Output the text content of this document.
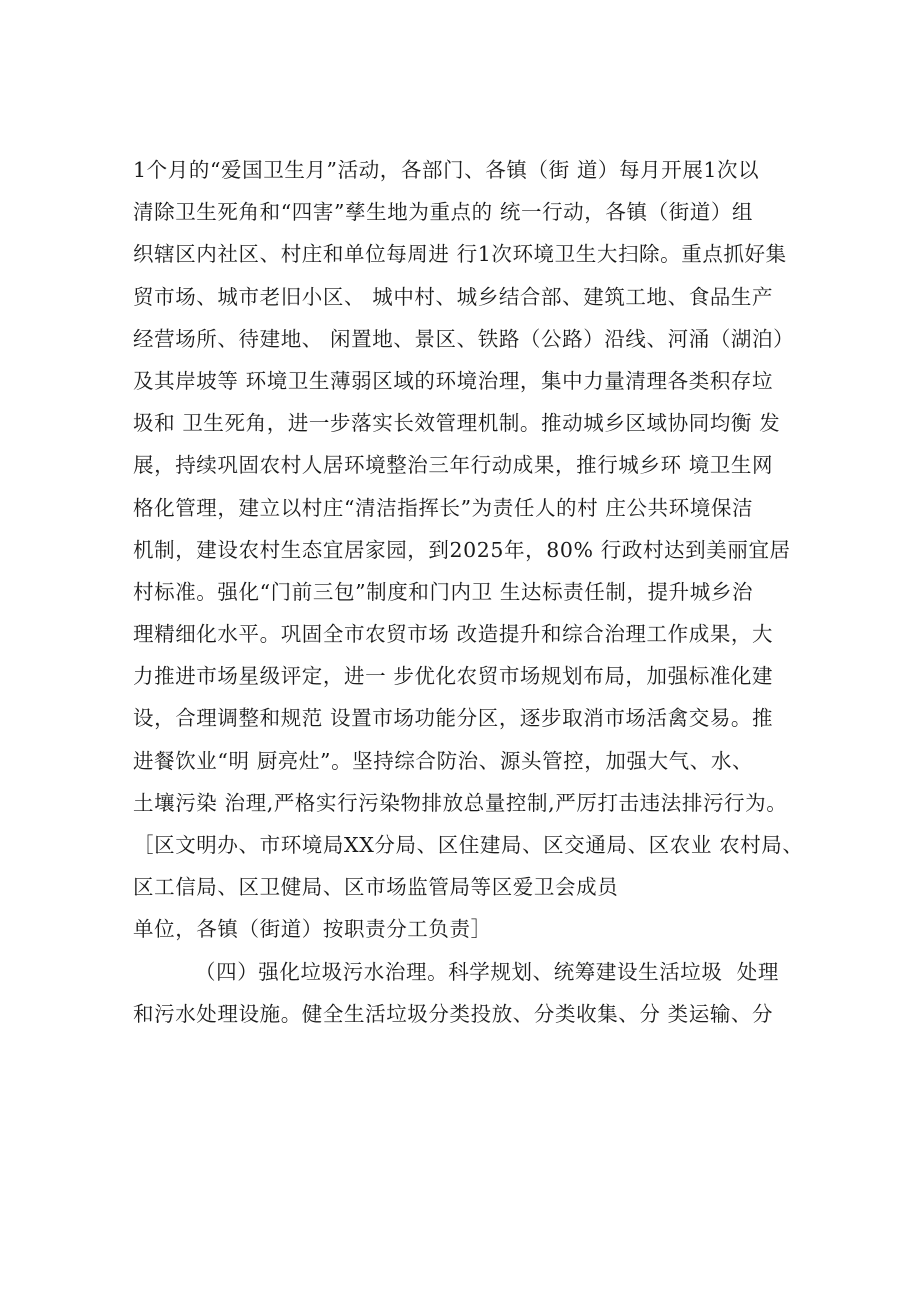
1个月的“爱国卫生月”活动，各部门、各镇（街 道）每月开展1次以
清除卫生死角和“四害”孳生地为重点的 统一行动，各镇（街道）组
织辖区内社区、村庄和单位每周进 行1次环境卫生大扫除。重点抓好集
贸市场、城市老旧小区、 城中村、城乡结合部、建筑工地、食品生产
经营场所、待建地、 闲置地、景区、铁路（公路）沿线、河涌（湖泊）
及其岸坡等 环境卫生薄弱区域的环境治理，集中力量清理各类积存垃
圾和 卫生死角，进一步落实长效管理机制。推动城乡区域协同均衡 发
展，持续巩固农村人居环境整治三年行动成果，推行城乡环 境卫生网
格化管理，建立以村庄“清洁指挥长”为责任人的村 庄公共环境保洁
机制，建设农村生态宜居家园，到2025年，80% 行政村达到美丽宜居
村标准。强化“门前三包”制度和门内卫 生达标责任制，提升城乡治
理精细化水平。巩固全市农贸市场 改造提升和综合治理工作成果，大
力推进市场星级评定，进一 步优化农贸市场规划布局，加强标准化建
设，合理调整和规范 设置市场功能分区，逐步取消市场活禽交易。推
进餐饮业“明 厨亮灶”。坚持综合防治、源头管控，加强大气、水、
土壤污染 治理,严格实行污染物排放总量控制,严厉打击违法排污行为。
［区文明办、市环境局XX分局、区住建局、区交通局、区农业 农村局、
区工信局、区卫健局、区市场监管局等区爱卫会成员
单位，各镇（街道）按职责分工负责］
（四）强化垃圾污水治理。科学规划、统筹建设生活垃圾  处理
和污水处理设施。健全生活垃圾分类投放、分类收集、分 类运输、分
